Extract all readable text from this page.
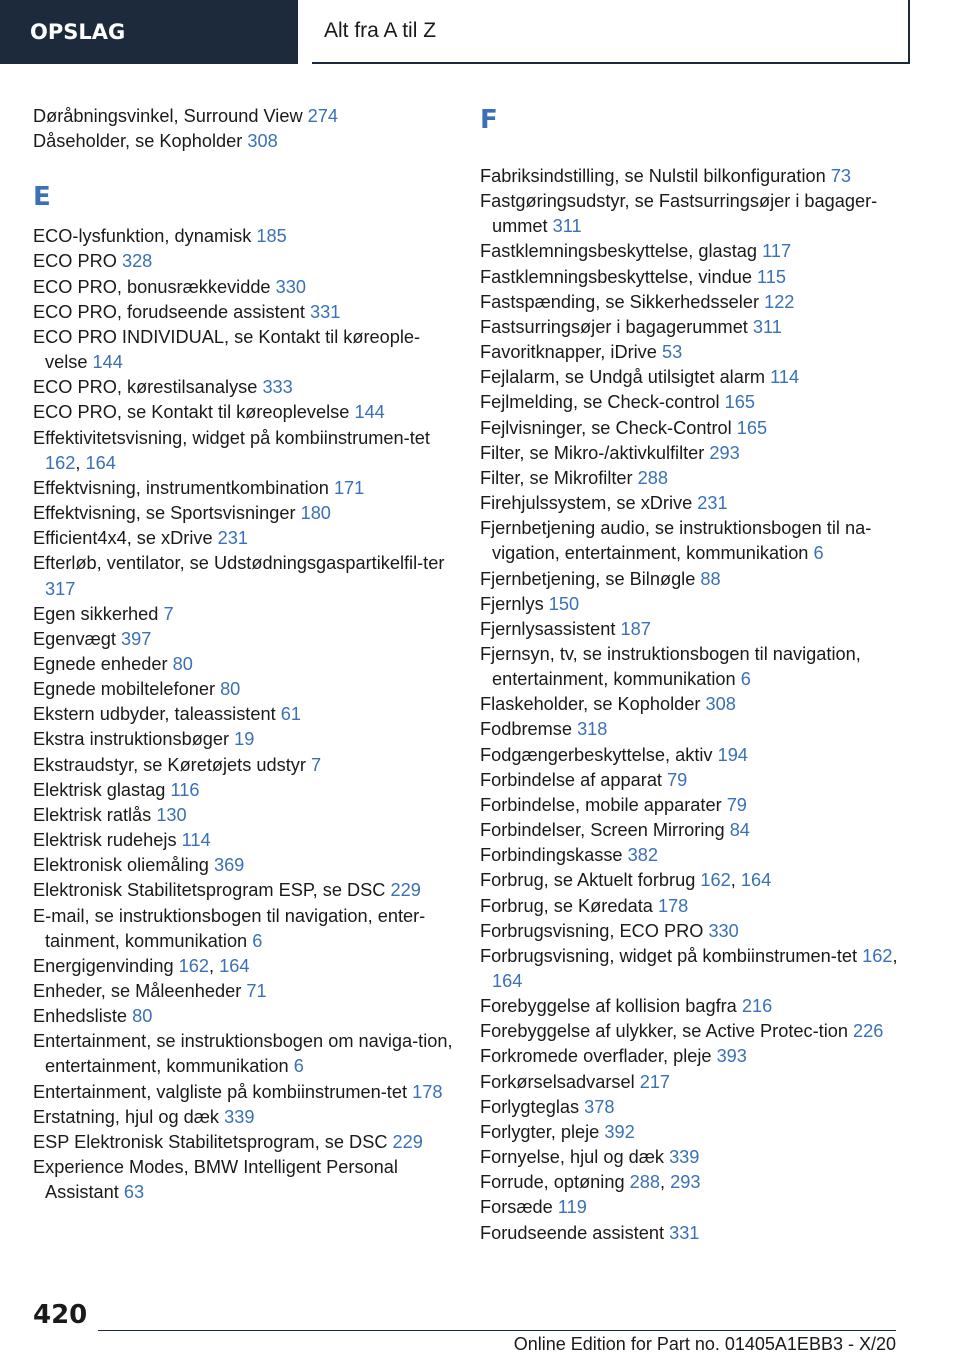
OPSLAG	Alt fra A til Z
Døråbningsvinkel, Surround View 274
Dåseholder, se Kopholder 308
E
ECO-lysfunktion, dynamisk 185
ECO PRO 328
ECO PRO, bonusrækkevidde 330
ECO PRO, forudseende assistent 331
ECO PRO INDIVIDUAL, se Kontakt til køreople-velse 144
ECO PRO, kørestilsanalyse 333
ECO PRO, se Kontakt til køreoplevelse 144
Effektivitetsvisning, widget på kombiinstrumen-tet 162, 164
Effektvisning, instrumentkombination 171
Effektvisning, se Sportsvisninger 180
Efficient4x4, se xDrive 231
Efterløb, ventilator, se Udstødningsgaspartikelfil-ter 317
Egen sikkerhed 7
Egenvægt 397
Egnede enheder 80
Egnede mobiltelefoner 80
Ekstern udbyder, taleassistent 61
Ekstra instruktionsbøger 19
Ekstraudstyr, se Køretøjets udstyr 7
Elektrisk glastag 116
Elektrisk ratlås 130
Elektrisk rudehejs 114
Elektronisk oliemåling 369
Elektronisk Stabilitetsprogram ESP, se DSC 229
E-mail, se instruktionsbogen til navigation, enter-tainment, kommunikation 6
Energigenvinding 162, 164
Enheder, se Måleenheder 71
Enhedsliste 80
Entertainment, se instruktionsbogen om naviga-tion, entertainment, kommunikation 6
Entertainment, valgliste på kombiinstrumen-tet 178
Erstatning, hjul og dæk 339
ESP Elektronisk Stabilitetsprogram, se DSC 229
Experience Modes, BMW Intelligent Personal Assistant 63
F
Fabriksindstilling, se Nulstil bilkonfiguration 73
Fastgøringsudstyr, se Fastsurringsøjer i bagager-ummet 311
Fastklemningsbeskyttelse, glastag 117
Fastklemningsbeskyttelse, vindue 115
Fastspænding, se Sikkerhedsseler 122
Fastsurringsøjer i bagagerummet 311
Favoritknapper, iDrive 53
Fejlalarm, se Undgå utilsigtet alarm 114
Fejlmelding, se Check-control 165
Fejlvisninger, se Check-Control 165
Filter, se Mikro-/aktivkulfilter 293
Filter, se Mikrofilter 288
Firehjulssystem, se xDrive 231
Fjernbetjening audio, se instruktionsbogen til na-vigation, entertainment, kommunikation 6
Fjernbetjening, se Bilnøgle 88
Fjernlys 150
Fjernlysassistent 187
Fjernsyn, tv, se instruktionsbogen til navigation, entertainment, kommunikation 6
Flaskeholder, se Kopholder 308
Fodbremse 318
Fodgængerbeskyttelse, aktiv 194
Forbindelse af apparat 79
Forbindelse, mobile apparater 79
Forbindelser, Screen Mirroring 84
Forbindingskasse 382
Forbrug, se Aktuelt forbrug 162, 164
Forbrug, se Køredata 178
Forbrugsvisning, ECO PRO 330
Forbrugsvisning, widget på kombiinstrumen-tet 162, 164
Forebyggelse af kollision bagfra 216
Forebyggelse af ulykker, se Active Protec-tion 226
Forkromede overflader, pleje 393
Forkørselsadvarsel 217
Forlygteglas 378
Forlygter, pleje 392
Fornyelse, hjul og dæk 339
Forrude, optøning 288, 293
Forsæde 119
Forudseende assistent 331
420
Online Edition for Part no. 01405A1EBB3 - X/20
